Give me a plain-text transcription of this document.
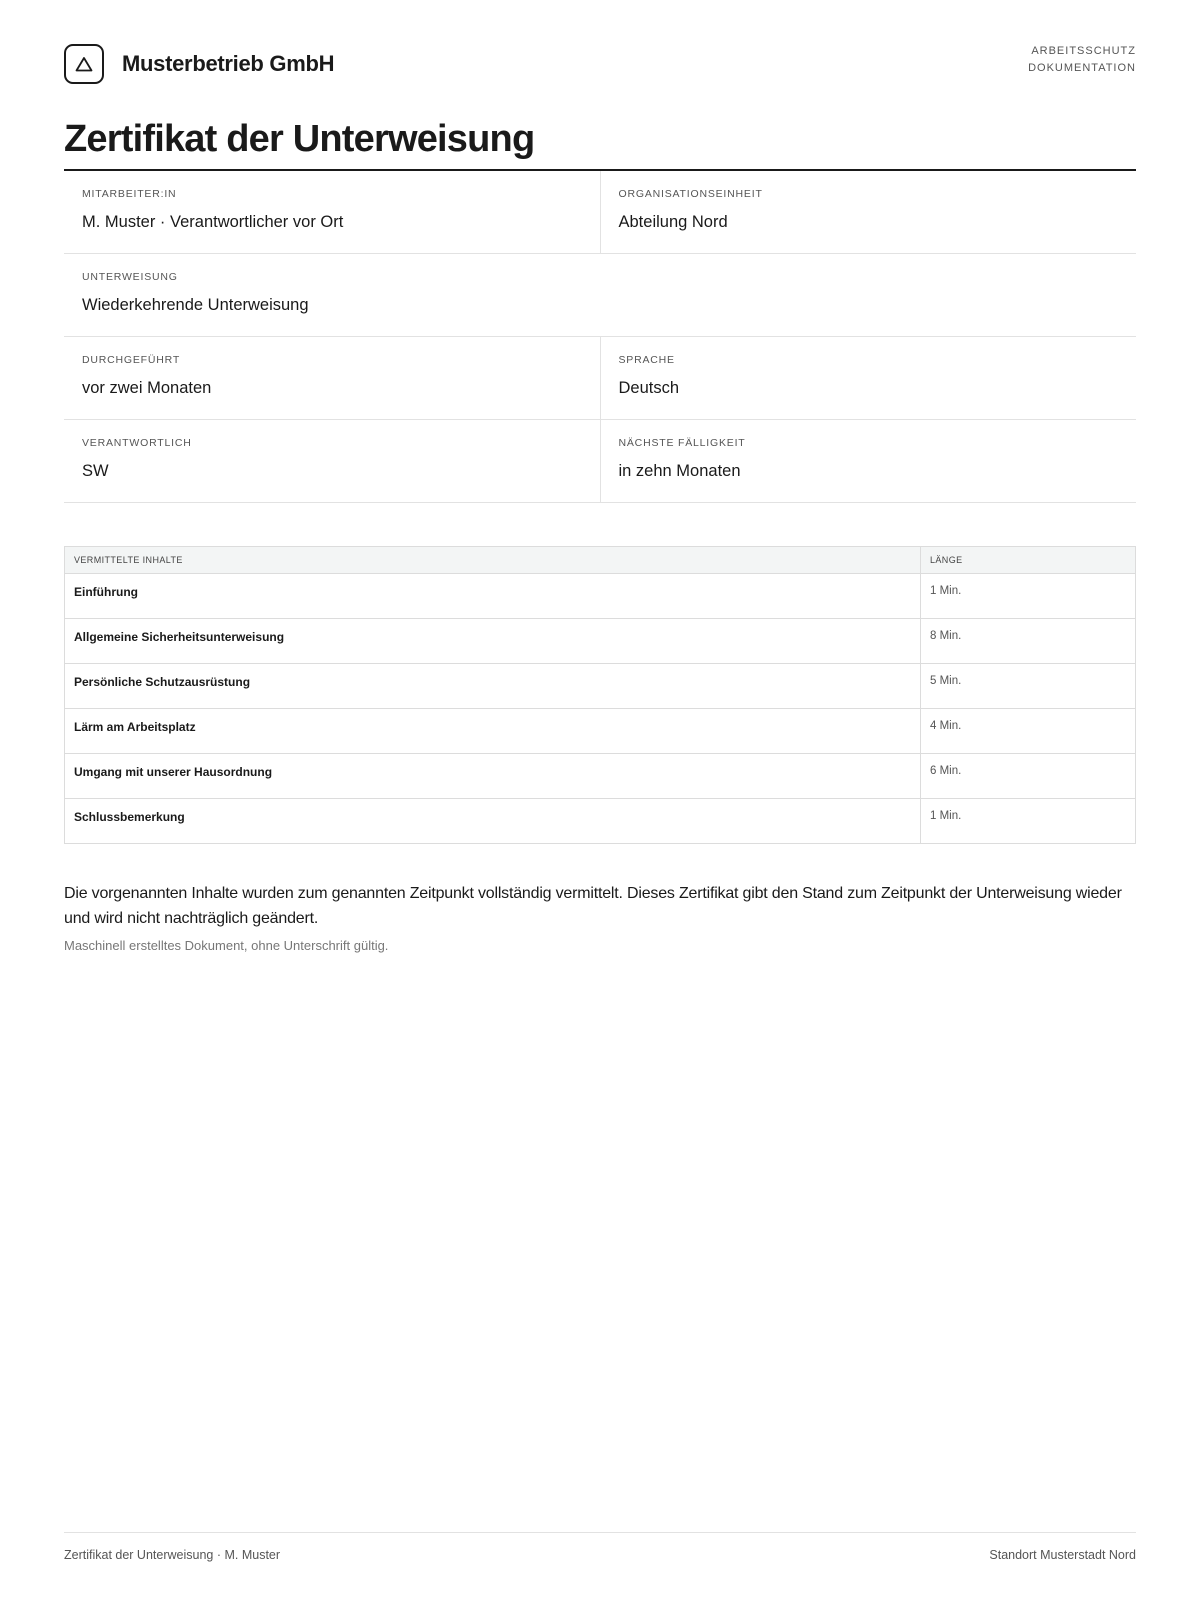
Musterbetrieb GmbH	ARBEITSSCHUTZ
DOKUMENTATION
Zertifikat der Unterweisung
MITARBEITER:IN
M. Muster · Verantwortlicher vor Ort
ORGANISATIONSEINHEIT
Abteilung Nord
UNTERWEISUNG
Wiederkehrende Unterweisung
DURCHGEFÜHRT
vor zwei Monaten
SPRACHE
Deutsch
VERANTWORTLICH
SW
NÄCHSTE FÄLLIGKEIT
in zehn Monaten
VERMITTELTE INHALTE	LÄNGE
Einführung	1 Min.
Allgemeine Sicherheitsunterweisung	8 Min.
Persönliche Schutzausrüstung	5 Min.
Lärm am Arbeitsplatz	4 Min.
Umgang mit unserer Hausordnung	6 Min.
Schlussbemerkung	1 Min.
Die vorgenannten Inhalte wurden zum genannten Zeitpunkt vollständig vermittelt. Dieses Zertifikat gibt den Stand zum Zeitpunkt der Unterweisung wieder und wird nicht nachträglich geändert.
Maschinell erstelltes Dokument, ohne Unterschrift gültig.
Zertifikat der Unterweisung · M. Muster	Standort Musterstadt Nord
